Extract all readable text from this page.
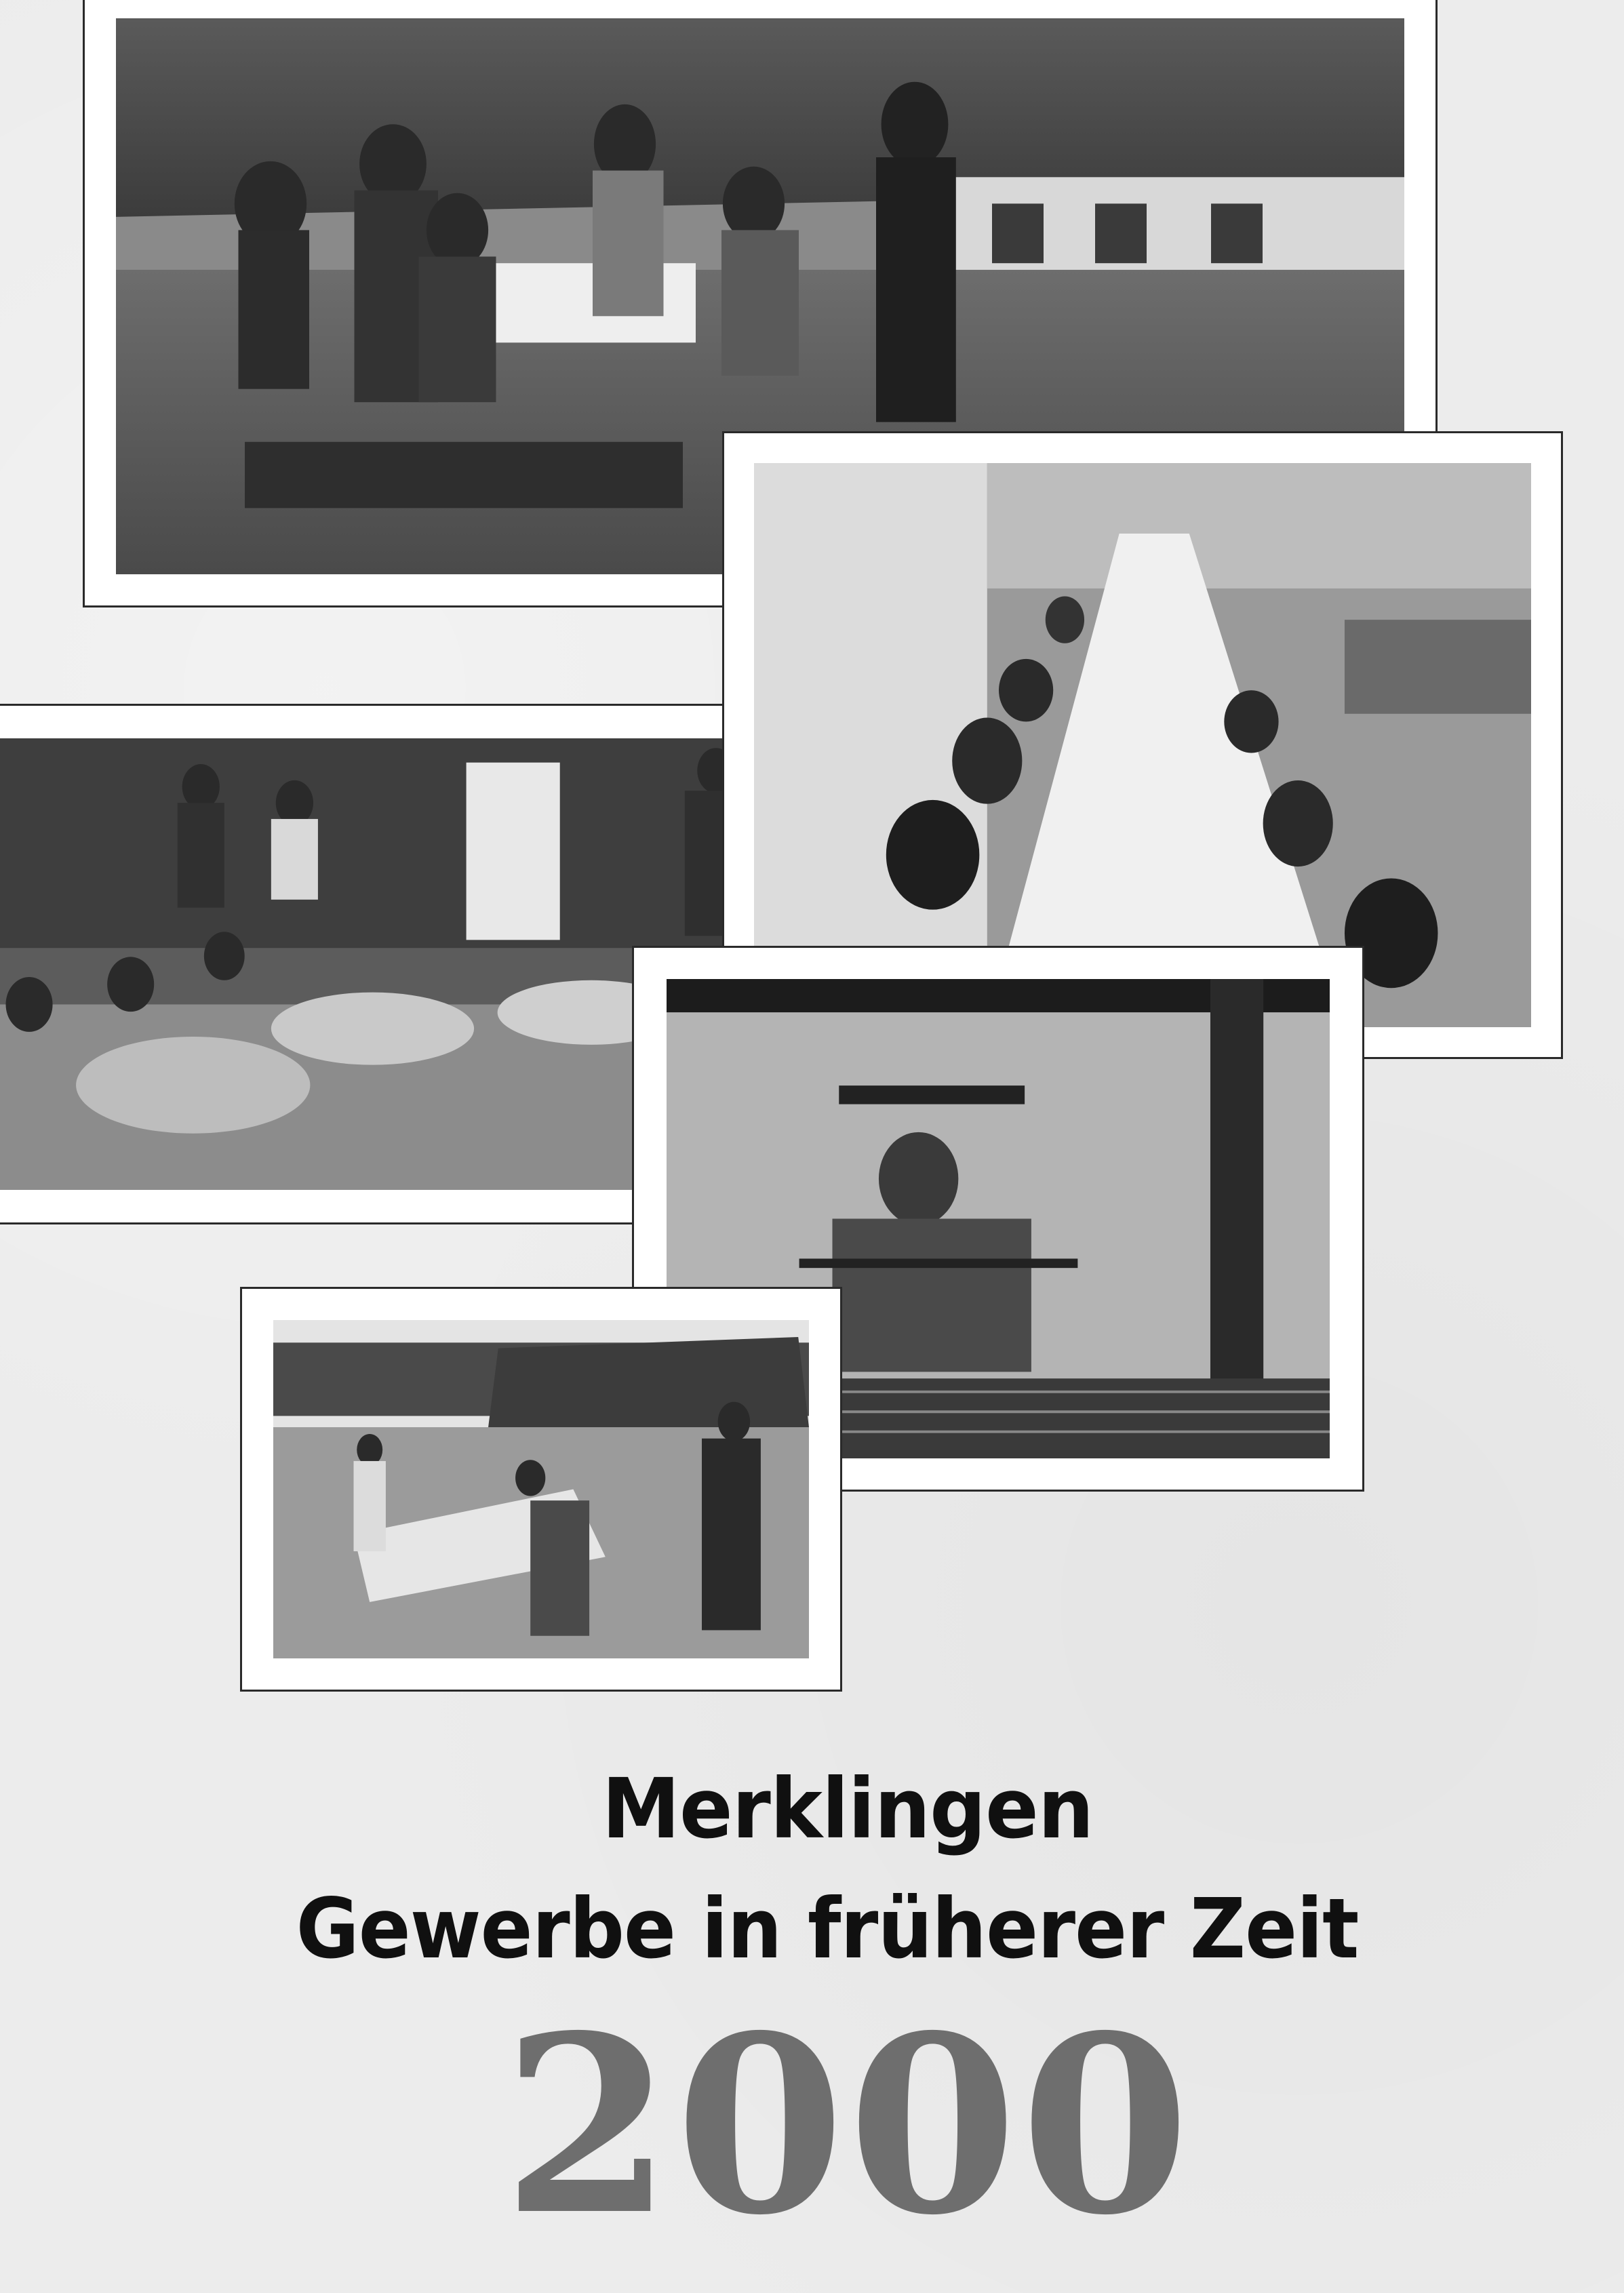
Merklingen
Gewerbe in früherer Zeit
2000
